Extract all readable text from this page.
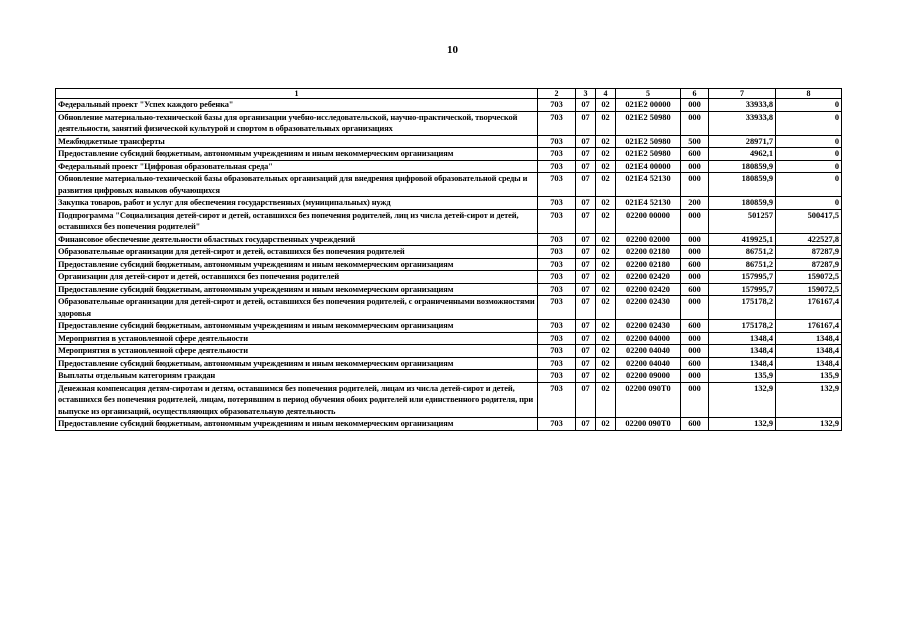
10
1	2	3	4	5	6	7	8
Федеральный проект "Успех каждого ребенка"	703	07	02	021E2 00000	000	33933,8	0
Обновление материально-технической базы для организации учебно-исследовательской, научно-практической, творческой деятельности, занятий физической культурой и спортом в образовательных организациях	703	07	02	021E2 50980	000	33933,8	0
Межбюджетные трансферты	703	07	02	021E2 50980	500	28971,7	0
Предоставление субсидий бюджетным, автономным учреждениям и иным некоммерческим организациям	703	07	02	021E2 50980	600	4962,1	0
Федеральный проект "Цифровая образовательная среда"	703	07	02	021E4 00000	000	180859,9	0
Обновление материально-технической базы образовательных организаций для внедрения цифровой образовательной среды и развития цифровых навыков обучающихся	703	07	02	021E4 52130	000	180859,9	0
Закупка товаров, работ и услуг для обеспечения государственных (муниципальных) нужд	703	07	02	021E4 52130	200	180859,9	0
Подпрограмма "Социализация детей-сирот и детей, оставшихся без попечения родителей, лиц из числа детей-сирот и детей, оставшихся без попечения родителей"	703	07	02	02200 00000	000	501257	500417,5
Финансовое обеспечение деятельности областных государственных учреждений	703	07	02	02200 02000	000	419925,1	422527,8
Образовательные организации для детей-сирот и детей, оставшихся без попечения родителей	703	07	02	02200 02180	000	86751,2	87287,9
Предоставление субсидий бюджетным, автономным учреждениям и иным некоммерческим организациям	703	07	02	02200 02180	600	86751,2	87287,9
Организации для детей-сирот и детей, оставшихся без попечения родителей	703	07	02	02200 02420	000	157995,7	159072,5
Предоставление субсидий бюджетным, автономным учреждениям и иным некоммерческим организациям	703	07	02	02200 02420	600	157995,7	159072,5
Образовательные организации для детей-сирот и детей, оставшихся без попечения родителей, с ограниченными возможностями здоровья	703	07	02	02200 02430	000	175178,2	176167,4
Предоставление субсидий бюджетным, автономным учреждениям и иным некоммерческим организациям	703	07	02	02200 02430	600	175178,2	176167,4
Мероприятия в установленной сфере деятельности	703	07	02	02200 04000	000	1348,4	1348,4
Мероприятия в установленной сфере деятельности	703	07	02	02200 04040	000	1348,4	1348,4
Предоставление субсидий бюджетным, автономным учреждениям и иным некоммерческим организациям	703	07	02	02200 04040	600	1348,4	1348,4
Выплаты отдельным категориям граждан	703	07	02	02200 09000	000	135,9	135,9
Денежная компенсация детям-сиротам и детям, оставшимся без попечения родителей, лицам из числа детей-сирот и детей, оставшихся без попечения родителей, лицам, потерявшим в период обучения обоих родителей или единственного родителя, при выпуске из организаций, осуществляющих образовательную деятельность	703	07	02	02200 090Т0	000	132,9	132,9
Предоставление субсидий бюджетным, автономным учреждениям и иным некоммерческим организациям	703	07	02	02200 090Т0	600	132,9	132,9
